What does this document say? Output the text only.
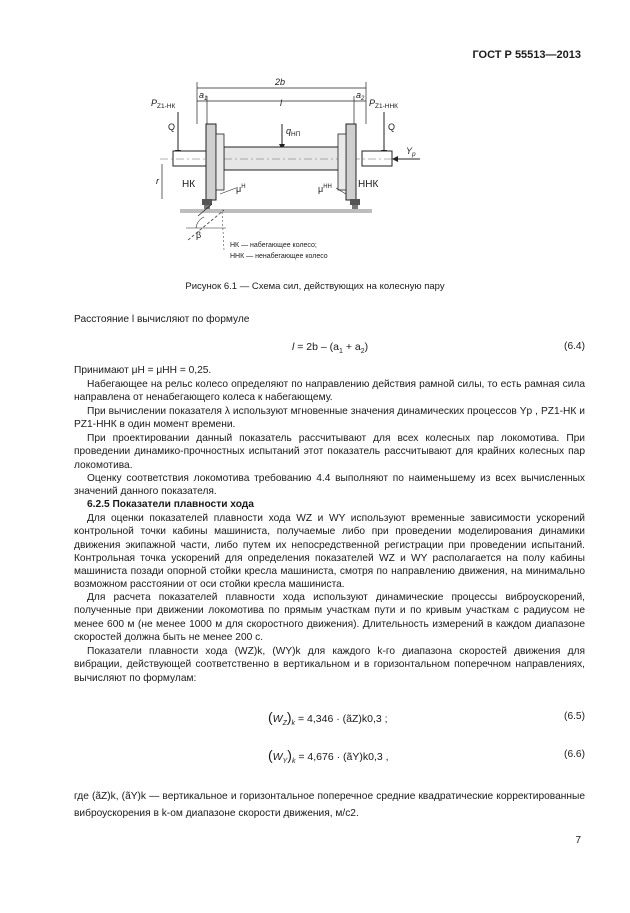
ГОСТ Р 55513—2013
2b
$a_1$	l
$a_2$
$P_{Z1-НК}$	$P_{Z1-ННК}$
Q	Q
$q_{НП}$
$Y_р$
НК	ННК
$\mu^Н$	$\mu^{НН}$
r
β
НК — набегающее колесо;
ННК — ненабегающее колесо
Рисунок 6.1 — Схема сил, действующих на колесную пару
Расстояние l вычисляют по формуле
$l = 2b - (a_1 + a_2)$	(6.4)
Принимают μН = μНН = 0,25.
Набегающее на рельс колесо определяют по направлению действия рамной силы, то есть рамная сила направлена от ненабегающего колеса к набегающему.
При вычислении показателя λ используют мгновенные значения динамических процессов Yр , PZ1-НК и PZ1-ННК в один момент времени.
При проектировании данный показатель рассчитывают для всех колесных пар локомотива. При проведении динамико-прочностных испытаний этот показатель рассчитывают для крайних колесных пар локомотива.
Оценку соответствия локомотива требованию 4.4 выполняют по наименьшему из всех вычисленных значений данного показателя.
6.2.5 Показатели плавности хода
Для оценки показателей плавности хода WZ и WY используют временные зависимости ускорений контрольной точки кабины машиниста, получаемые либо при проведении моделирования динамики движения экипажной части, либо путем их непосредственной регистрации при проведении испытаний. Контрольная точка ускорений для определения показателей WZ и WY располагается на полу кабины машиниста позади опорной стойки кресла машиниста, смотря по направлению движения, на минимально возможном расстоянии от оси стойки кресла машиниста.
Для расчета показателей плавности хода используют динамические процессы виброускорений, полученные при движении локомотива по прямым участкам пути и по кривым участкам с радиусом не менее 600 м (не менее 1000 м для скоростного движения). Длительность измерений в каждом диапазоне скоростей должна быть не менее 200 с.
Показатели плавности хода (WZ)k, (WY)k для каждого k-го диапазона скоростей движения для вибрации, действующей соответственно в вертикальном и в горизонтальном поперечном направлениях, вычисляют по формулам:
$(W_Z)_k = 4,346$ · (ãZ)k0,3 ;	(6.5)
$(W_Y)_k = 4,676$ · (ãY)k0,3 ,	(6.6)
где (ãZ)k, (ãY)k — вертикальное и горизонтальное поперечное средние квадратические корректированные виброускорения в k-ом диапазоне скорости движения, м/с2.
7
